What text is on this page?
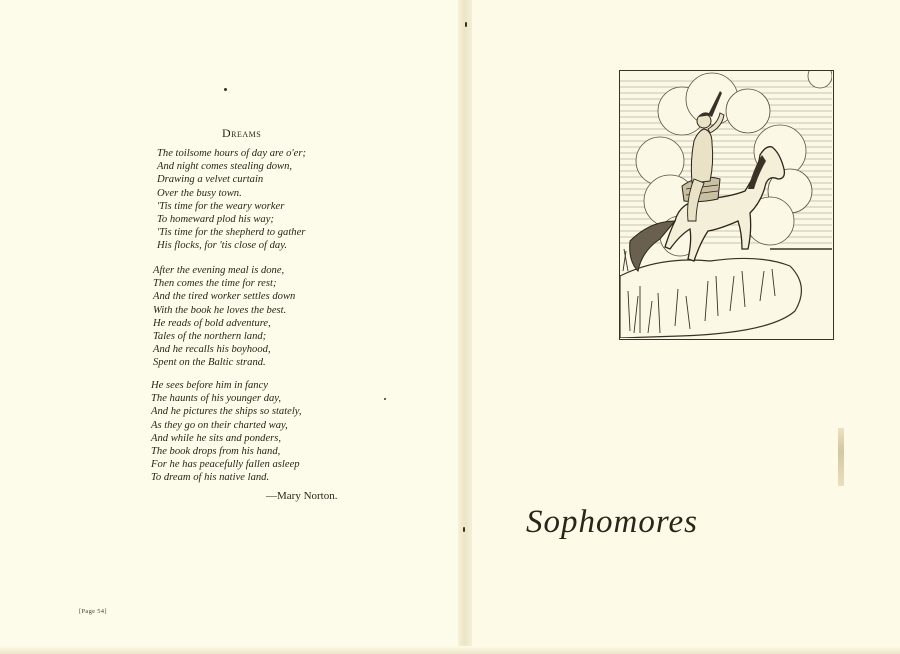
Dreams
The toilsome hours of day are o'er;
And night comes stealing down,
Drawing a velvet curtain
Over the busy town.
'Tis time for the weary worker
To homeward plod his way;
'Tis time for the shepherd to gather
His flocks, for 'tis close of day.
After the evening meal is done,
Then comes the time for rest;
And the tired worker settles down
With the book he loves the best.
He reads of bold adventure,
Tales of the northern land;
And he recalls his boyhood,
Spent on the Baltic strand.
He sees before him in fancy
The haunts of his younger day,
And he pictures the ships so stately,
As they go on their charted way,
And while he sits and ponders,
The book drops from his hand,
For he has peacefully fallen asleep
To dream of his native land.
—Mary Norton.
[Page 54]
Sophomores
